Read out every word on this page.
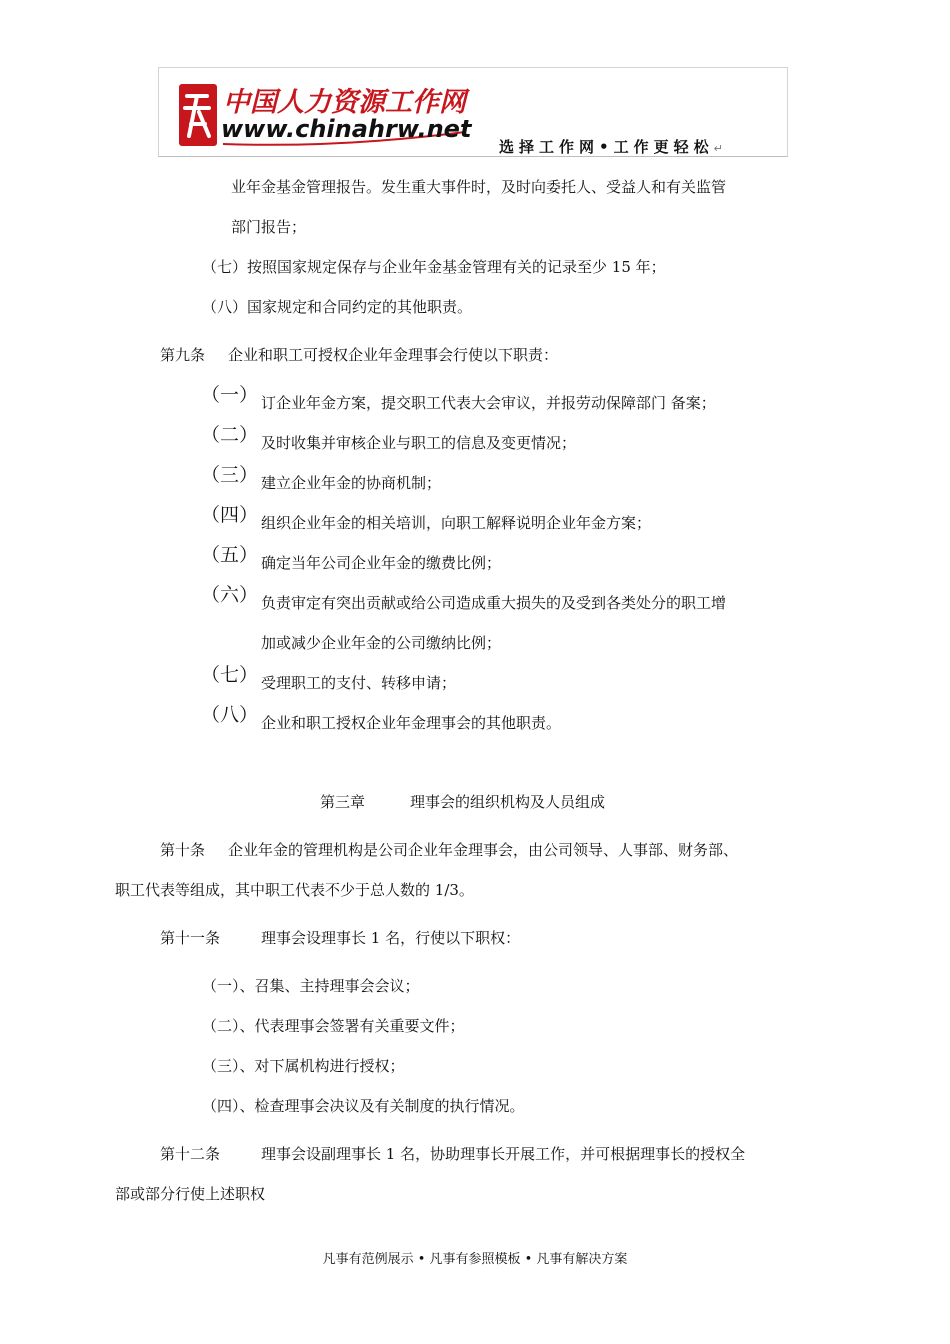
中国人力资源工作网
www.chinahrw.net
选择工作网•工作更轻松↵
业年金基金管理报告。发生重大事件时，及时向委托人、受益人和有关监管
部门报告；
（七）按照国家规定保存与企业年金基金管理有关的记录至少 15 年；
（八）国家规定和合同约定的其他职责。
第九条 企业和职工可授权企业年金理事会行使以下职责：
（一） 订企业年金方案，提交职工代表大会审议，并报劳动保障部门 备案；
（二） 及时收集并审核企业与职工的信息及变更情况；
（三） 建立企业年金的协商机制；
（四） 组织企业年金的相关培训，向职工解释说明企业年金方案；
（五） 确定当年公司企业年金的缴费比例；
（六） 负责审定有突出贡献或给公司造成重大损失的及受到各类处分的职工增
加或减少企业年金的公司缴纳比例；
（七） 受理职工的支付、转移申请；
（八） 企业和职工授权企业年金理事会的其他职责。
第三章	理事会的组织机构及人员组成
第十条 企业年金的管理机构是公司企业年金理事会，由公司领导、人事部、财务部、
职工代表等组成，其中职工代表不少于总人数的 1/3。
第十一条	理事会设理事长 1 名，行使以下职权：
（一）、召集、主持理事会会议；
（二）、代表理事会签署有关重要文件；
（三）、对下属机构进行授权；
（四）、检查理事会决议及有关制度的执行情况。
第十二条	理事会设副理事长 1 名，协助理事长开展工作，并可根据理事长的授权全
部或部分行使上述职权
凡事有范例展示 • 凡事有参照模板 • 凡事有解决方案
